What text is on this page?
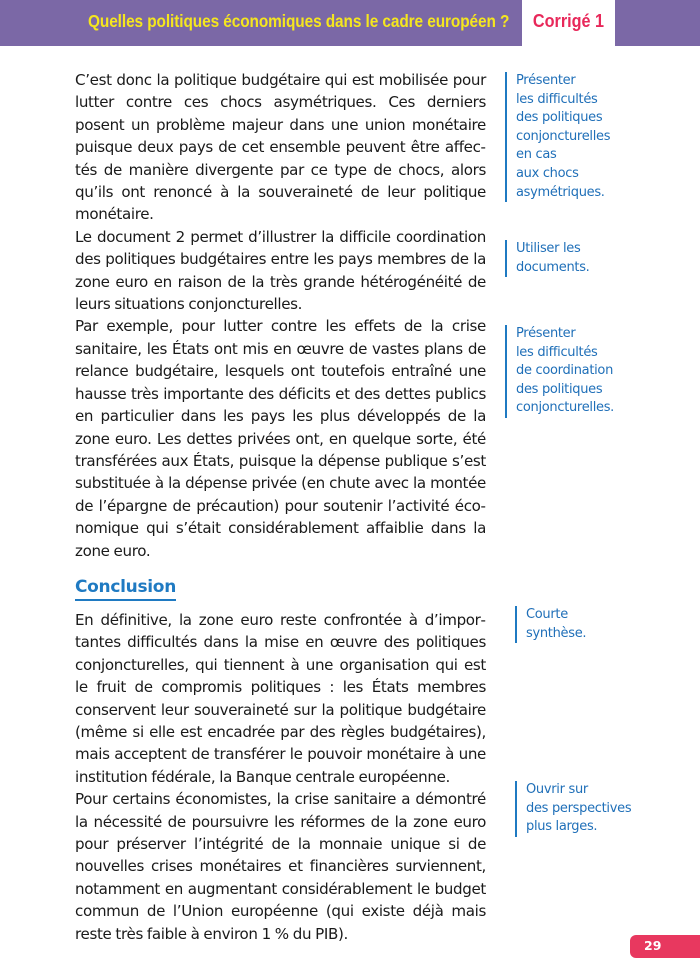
Quelles politiques économiques dans le cadre européen ?	Corrigé 1

C’est donc la politique budgétaire qui est mobilisée pour lutter contre ces chocs asymétriques. Ces derniers posent un problème majeur dans une union monétaire puisque deux pays de cet ensemble peuvent être affectés de manière divergente par ce type de chocs, alors qu’ils ont renoncé à la souveraineté de leur politique monétaire.

Le document 2 permet d’illustrer la difficile coordination des politiques budgétaires entre les pays membres de la zone euro en raison de la très grande hétérogénéité de leurs situations conjoncturelles.

Par exemple, pour lutter contre les effets de la crise sanitaire, les États ont mis en œuvre de vastes plans de relance budgétaire, lesquels ont toutefois entraîné une hausse très importante des déficits et des dettes publics en particulier dans les pays les plus développés de la zone euro. Les dettes privées ont, en quelque sorte, été transférées aux États, puisque la dépense publique s’est substituée à la dépense privée (en chute avec la montée de l’épargne de précaution) pour soutenir l’activité économique qui s’était considérablement affaiblie dans la zone euro.

Conclusion

En définitive, la zone euro reste confrontée à d’importantes difficultés dans la mise en œuvre des politiques conjoncturelles, qui tiennent à une organisation qui est le fruit de compromis politiques : les États membres conservent leur souveraineté sur la politique budgétaire (même si elle est encadrée par des règles budgétaires), mais acceptent de transférer le pouvoir monétaire à une institution fédérale, la Banque centrale européenne.

Pour certains économistes, la crise sanitaire a démontré la nécessité de poursuivre les réformes de la zone euro pour préserver l’intégrité de la monnaie unique si de nouvelles crises monétaires et financières surviennent, notamment en augmentant considérablement le budget commun de l’Union européenne (qui existe déjà mais reste très faible à environ 1 % du PIB).

Présenter
les difficultés
des politiques
conjoncturelles
en cas
aux chocs
asymétriques.
Utiliser les
documents.
Présenter
les difficultés
de coordination
des politiques
conjoncturelles.
Courte
synthèse.
Ouvrir sur
des perspectives
plus larges.
29
